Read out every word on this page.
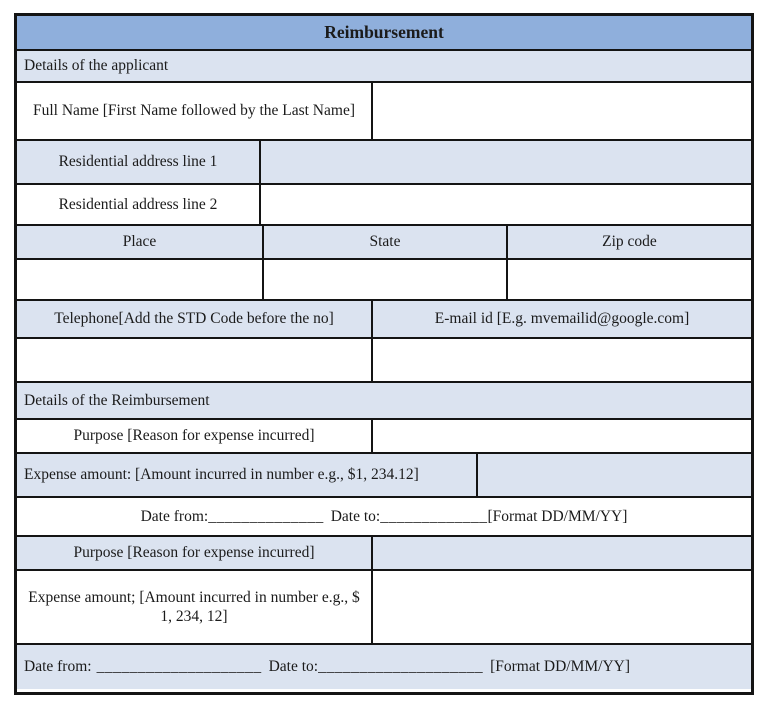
Reimbursement
Details of the applicant
Full Name [First Name followed by the Last Name]
Residential address line 1
Residential address line 2
Place	State	Zip code
Telephone[Add the STD Code before the no]	E-mail id [E.g. mvemailid@google.com]
Details of the Reimbursement
Purpose [Reason for expense incurred]
Expense amount: [Amount incurred in number e.g., $1, 234.12]
Date from: ______________ Date to: _____________ [Format DD/MM/YY]
Purpose [Reason for expense incurred]
Expense amount; [Amount incurred in number e.g., $ 1, 234, 12]
Date from: ____________________ Date to: ____________________ [Format DD/MM/YY]
